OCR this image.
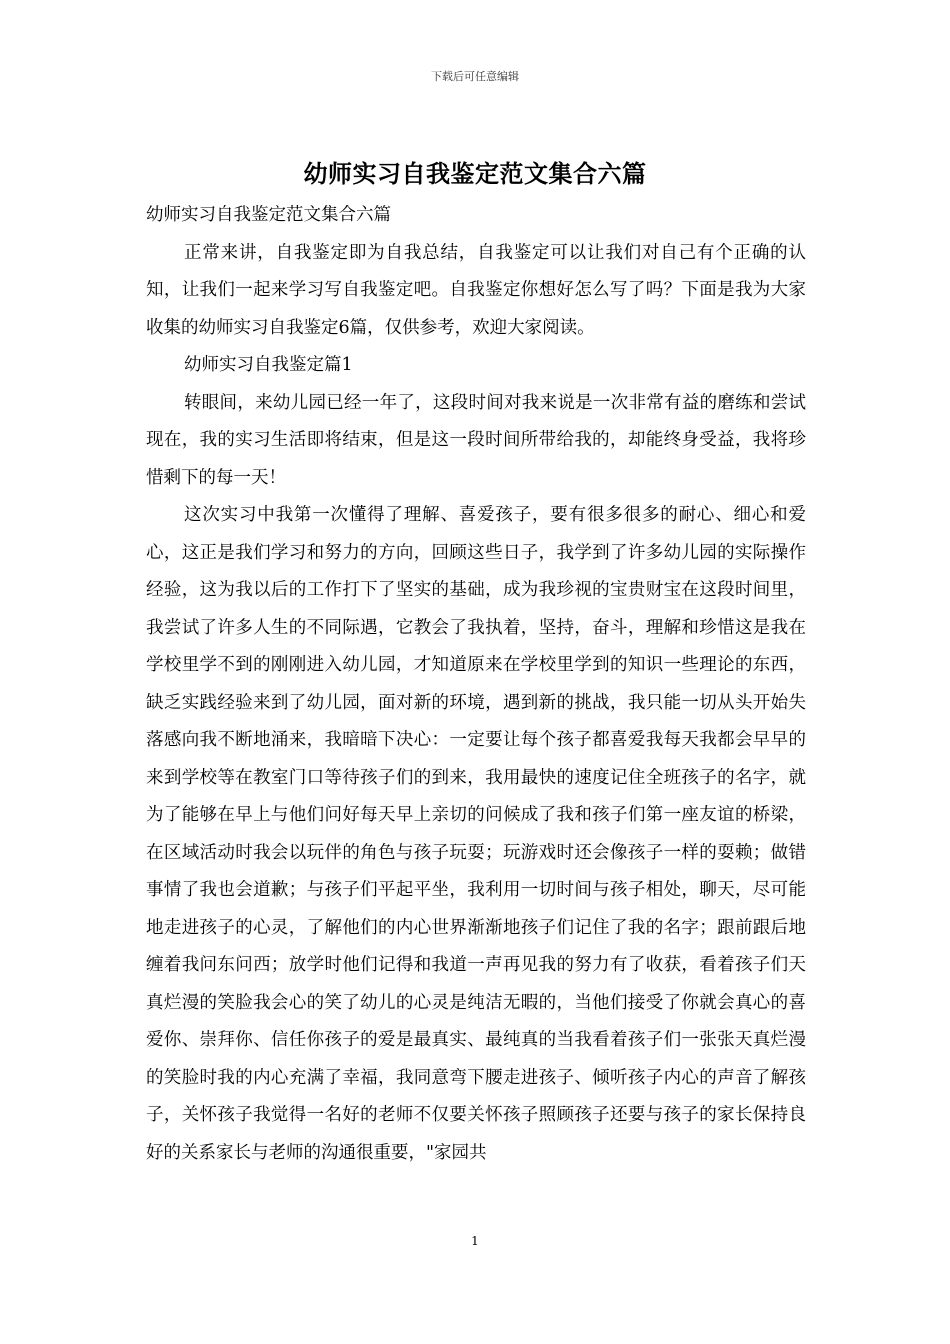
下载后可任意编辑
幼师实习自我鉴定范文集合六篇

幼师实习自我鉴定范文集合六篇

正常来讲，自我鉴定即为自我总结，自我鉴定可以让我们对自己有个正确的认知，让我们一起来学习写自我鉴定吧。自我鉴定你想好怎么写了吗？下面是我为大家收集的幼师实习自我鉴定6篇，仅供参考，欢迎大家阅读。

幼师实习自我鉴定篇1

转眼间，来幼儿园已经一年了，这段时间对我来说是一次非常有益的磨练和尝试现在，我的实习生活即将结束，但是这一段时间所带给我的，却能终身受益，我将珍惜剩下的每一天！

这次实习中我第一次懂得了理解、喜爱孩子，要有很多很多的耐心、细心和爱心，这正是我们学习和努力的方向，回顾这些日子，我学到了许多幼儿园的实际操作经验，这为我以后的工作打下了坚实的基础，成为我珍视的宝贵财宝在这段时间里，我尝试了许多人生的不同际遇，它教会了我执着，坚持，奋斗，理解和珍惜这是我在学校里学不到的刚刚进入幼儿园，才知道原来在学校里学到的知识一些理论的东西，缺乏实践经验来到了幼儿园，面对新的环境，遇到新的挑战，我只能一切从头开始失落感向我不断地涌来，我暗暗下决心：一定要让每个孩子都喜爱我每天我都会早早的来到学校等在教室门口等待孩子们的到来，我用最快的速度记住全班孩子的名字，就为了能够在早上与他们问好每天早上亲切的问候成了我和孩子们第一座友谊的桥梁，在区域活动时我会以玩伴的角色与孩子玩耍；玩游戏时还会像孩子一样的耍赖；做错事情了我也会道歉；与孩子们平起平坐，我利用一切时间与孩子相处，聊天，尽可能地走进孩子的心灵，了解他们的内心世界渐渐地孩子们记住了我的名字；跟前跟后地缠着我问东问西；放学时他们记得和我道一声再见我的努力有了收获，看着孩子们天真烂漫的笑脸我会心的笑了幼儿的心灵是纯洁无暇的，当他们接受了你就会真心的喜爱你、崇拜你、信任你孩子的爱是最真实、最纯真的当我看着孩子们一张张天真烂漫的笑脸时我的内心充满了幸福，我同意弯下腰走进孩子、倾听孩子内心的声音了解孩子，关怀孩子我觉得一名好的老师不仅要关怀孩子照顾孩子还要与孩子的家长保持良好的关系家长与老师的沟通很重要，"家园共

1
